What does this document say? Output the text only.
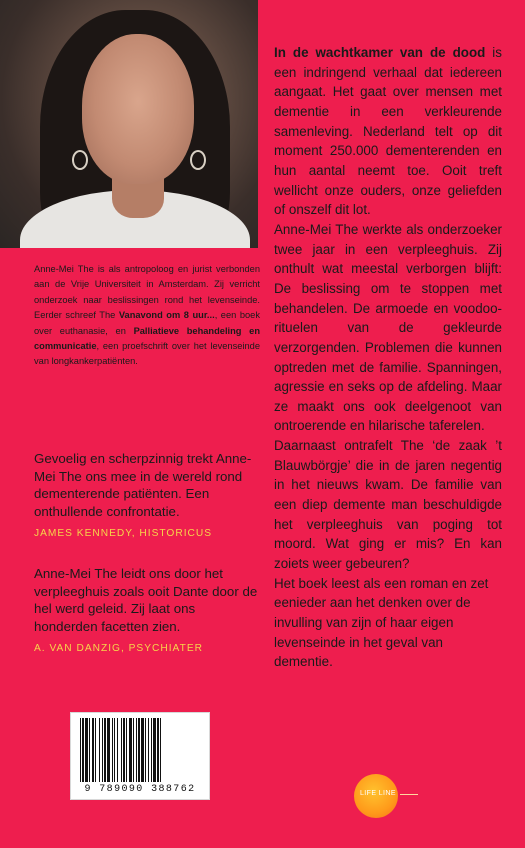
Anne-Mei The is als antropoloog en jurist verbonden aan de Vrije Universiteit in Amsterdam. Zij verricht onderzoek naar beslissingen rond het levenseinde. Eerder schreef The Vanavond om 8 uur..., een boek over euthanasie, en Palliatieve behandeling en communicatie, een proefschrift over het levenseinde van longkankerpatiënten.
Gevoelig en scherpzinnig trekt Anne-Mei The ons mee in de wereld rond dementerende patiënten. Een onthullende confrontatie.
JAMES KENNEDY, HISTORICUS
Anne-Mei The leidt ons door het verpleeghuis zoals ooit Dante door de hel werd geleid. Zij laat ons honderden facetten zien.
A. VAN DANZIG, PSYCHIATER

In de wachtkamer van de dood is een indringend verhaal dat iedereen aangaat. Het gaat over mensen met dementie in een verkleurende samenleving. Nederland telt op dit moment 250.000 dementerenden en hun aantal neemt toe. Ooit treft wellicht onze ouders, onze geliefden of onszelf dit lot.

Anne-Mei The werkte als onderzoeker twee jaar in een verpleeghuis. Zij onthult wat meestal verborgen blijft: De beslissing om te stoppen met behandelen. De armoede en voodoo-rituelen van de gekleurde verzorgenden. Problemen die kunnen optreden met de familie. Spanningen, agressie en seks op de afdeling. Maar ze maakt ons ook deelgenoot van ontroerende en hilarische taferelen.

Daarnaast ontrafelt The ‘de zaak ’t Blauwbörgje’ die in de jaren negentig in het nieuws kwam. De familie van een diep demente man beschuldigde het verpleeghuis van poging tot moord. Wat ging er mis? En kan zoiets weer gebeuren?

Het boek leest als een roman en zet eenieder aan het denken over de invulling van zijn of haar eigen levenseinde in het geval van dementie.

9 789090 388762	LIFE LINE
